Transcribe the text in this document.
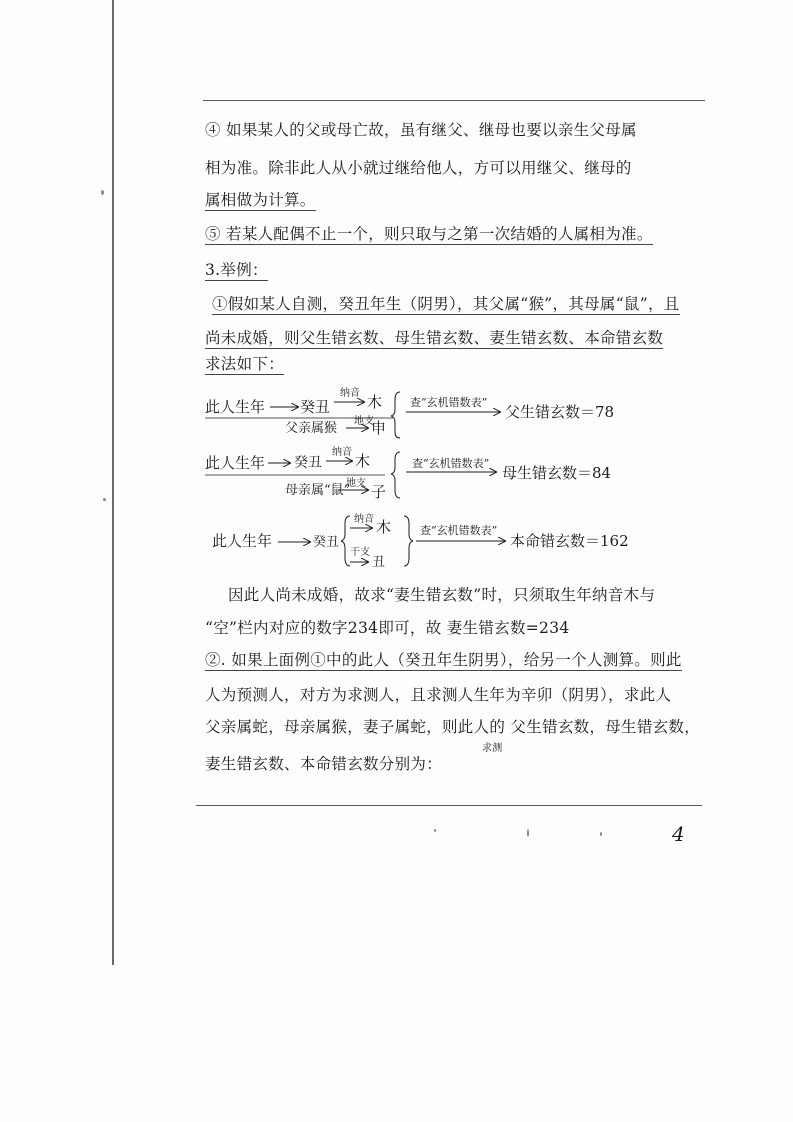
④ 如果某人的父或母亡故，虽有继父、继母也要以亲生父母属
相为准。除非此人从小就过继给他人，方可以用继父、继母的
属相做为计算。
⑤ 若某人配偶不止一个，则只取与之第一次结婚的人属相为准。
3.举例：
①假如某人自测，癸丑年生（阴男），其父属“猴”，其母属“鼠”，且
尚未成婚，则父生错玄数、母生错玄数、妻生错玄数、本命错玄数
求法如下：
此人生年 癸丑
纳音 木
父亲属猴 地支
申
查“玄机错数表”
父生错玄数＝78
此人生年 癸丑
纳音 木
母亲属“鼠”
地支 子
查“玄机错数表”
母生错玄数＝84
此人生年	癸丑
纳音 木
干支
丑
查“玄机错数表”
本命错玄数＝162
因此人尚未成婚，故求“妻生错玄数”时，只须取生年纳音木与
“空”栏内对应的数字234即可，故 妻生错玄数=234
②. 如果上面例①中的此人（癸丑年生阴男），给另一个人测算。则此
人为预测人，对方为求测人，且求测人生年为辛卯（阴男），求此人
父亲属蛇，母亲属猴，妻子属蛇，则此人的 父生错玄数，母生错玄数，
妻生错玄数、本命错玄数分别为：
求测
4
